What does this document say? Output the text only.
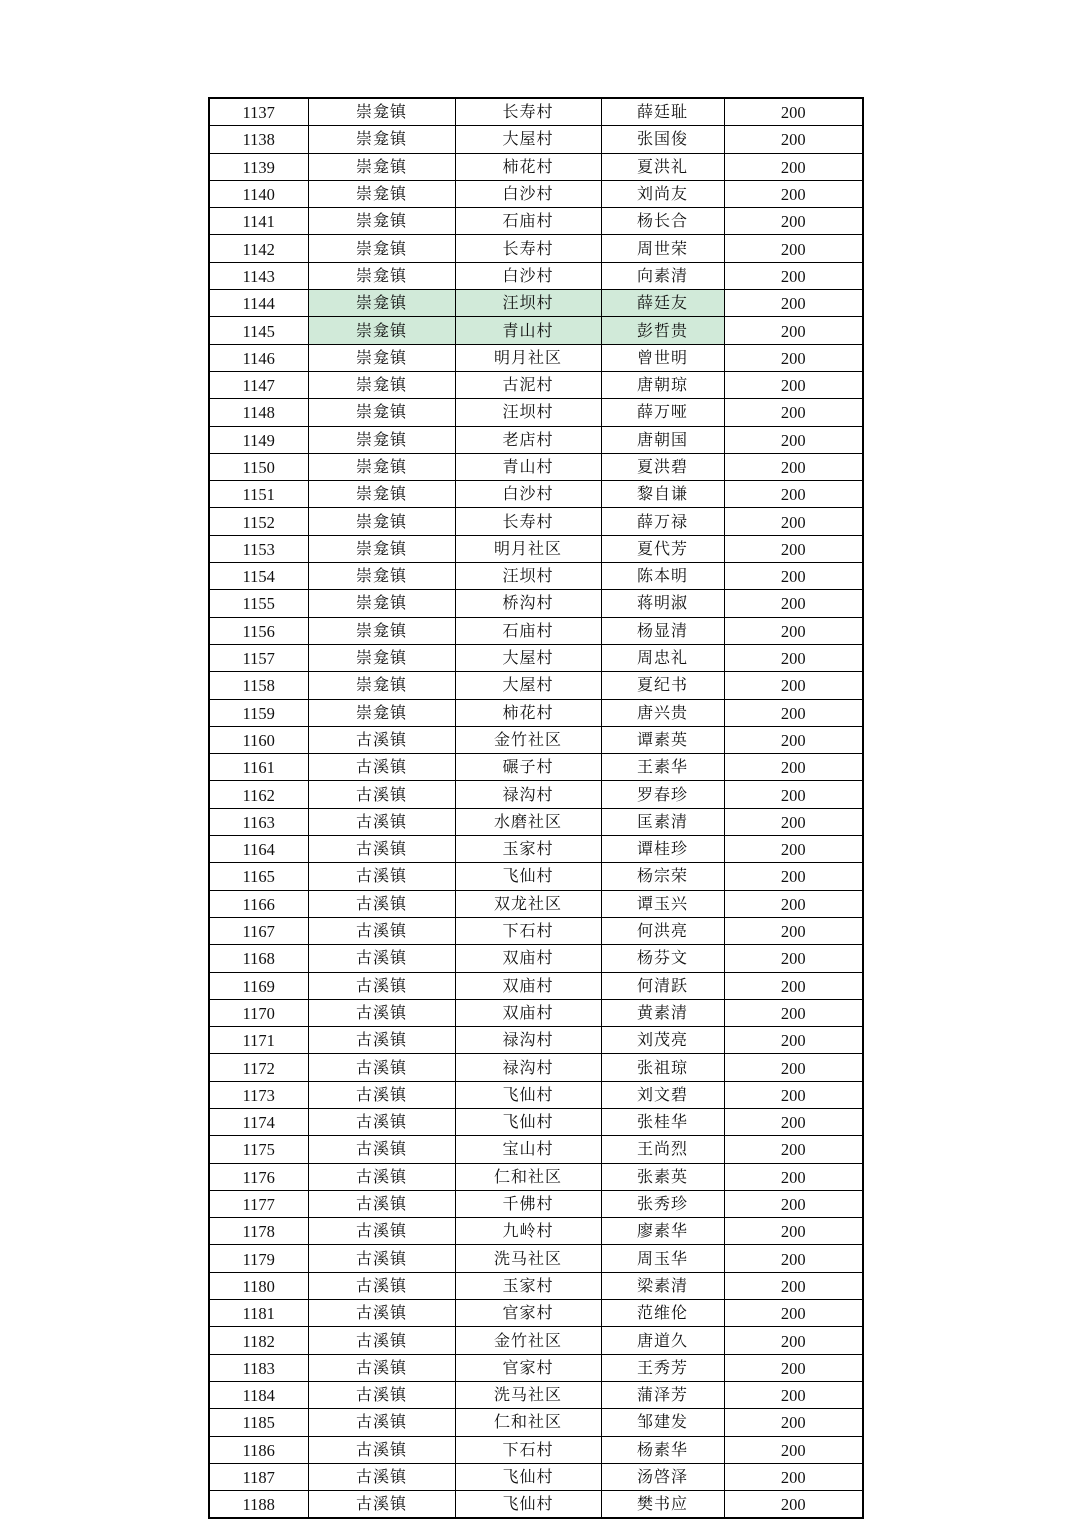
1137	崇龛镇	长寿村	薛廷耻	200
1138	崇龛镇	大屋村	张国俊	200
1139	崇龛镇	柿花村	夏洪礼	200
1140	崇龛镇	白沙村	刘尚友	200
1141	崇龛镇	石庙村	杨长合	200
1142	崇龛镇	长寿村	周世荣	200
1143	崇龛镇	白沙村	向素清	200
1144	崇龛镇	汪坝村	薛廷友	200
1145	崇龛镇	青山村	彭哲贵	200
1146	崇龛镇	明月社区	曾世明	200
1147	崇龛镇	古泥村	唐朝琼	200
1148	崇龛镇	汪坝村	薛万哑	200
1149	崇龛镇	老店村	唐朝国	200
1150	崇龛镇	青山村	夏洪碧	200
1151	崇龛镇	白沙村	黎自谦	200
1152	崇龛镇	长寿村	薛万禄	200
1153	崇龛镇	明月社区	夏代芳	200
1154	崇龛镇	汪坝村	陈本明	200
1155	崇龛镇	桥沟村	蒋明淑	200
1156	崇龛镇	石庙村	杨显清	200
1157	崇龛镇	大屋村	周忠礼	200
1158	崇龛镇	大屋村	夏纪书	200
1159	崇龛镇	柿花村	唐兴贵	200
1160	古溪镇	金竹社区	谭素英	200
1161	古溪镇	碾子村	王素华	200
1162	古溪镇	禄沟村	罗春珍	200
1163	古溪镇	水磨社区	匡素清	200
1164	古溪镇	玉家村	谭桂珍	200
1165	古溪镇	飞仙村	杨宗荣	200
1166	古溪镇	双龙社区	谭玉兴	200
1167	古溪镇	下石村	何洪亮	200
1168	古溪镇	双庙村	杨芬文	200
1169	古溪镇	双庙村	何清跃	200
1170	古溪镇	双庙村	黄素清	200
1171	古溪镇	禄沟村	刘茂亮	200
1172	古溪镇	禄沟村	张祖琼	200
1173	古溪镇	飞仙村	刘文碧	200
1174	古溪镇	飞仙村	张桂华	200
1175	古溪镇	宝山村	王尚烈	200
1176	古溪镇	仁和社区	张素英	200
1177	古溪镇	千佛村	张秀珍	200
1178	古溪镇	九岭村	廖素华	200
1179	古溪镇	洗马社区	周玉华	200
1180	古溪镇	玉家村	梁素清	200
1181	古溪镇	官家村	范维伦	200
1182	古溪镇	金竹社区	唐道久	200
1183	古溪镇	官家村	王秀芳	200
1184	古溪镇	洗马社区	蒲泽芳	200
1185	古溪镇	仁和社区	邹建发	200
1186	古溪镇	下石村	杨素华	200
1187	古溪镇	飞仙村	汤啓泽	200
1188	古溪镇	飞仙村	樊书应	200
